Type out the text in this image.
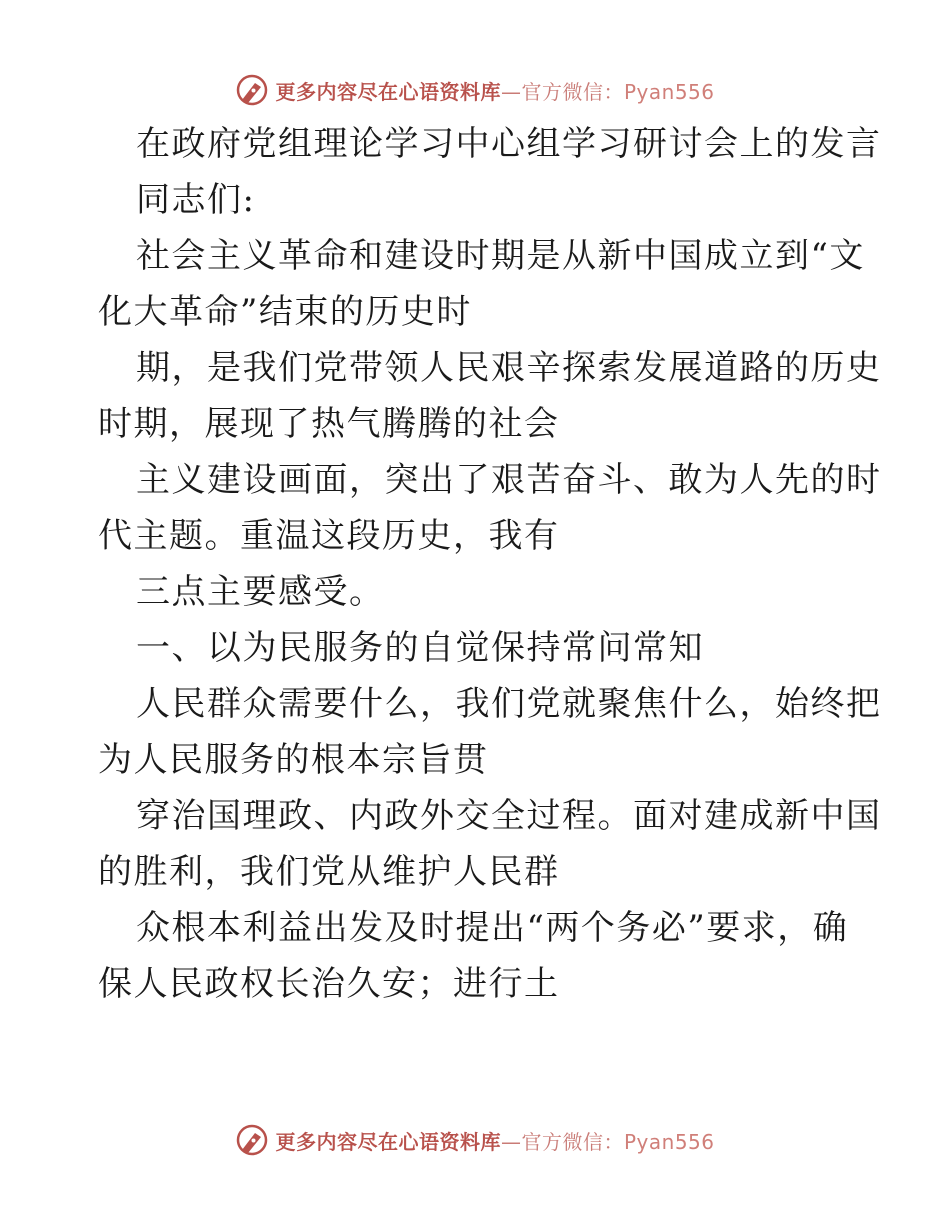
更多内容尽在心语资料库—官方微信：Pyan556
在政府党组理论学习中心组学习研讨会上的发言
同志们:
社会主义革命和建设时期是从新中国成立到“文
化大革命”结束的历史时
期，是我们党带领人民艰辛探索发展道路的历史
时期，展现了热气腾腾的社会
主义建设画面，突出了艰苦奋斗、敢为人先的时
代主题。重温这段历史，我有
三点主要感受。
一、以为民服务的自觉保持常问常知
人民群众需要什么，我们党就聚焦什么，始终把
为人民服务的根本宗旨贯
穿治国理政、内政外交全过程。面对建成新中国
的胜利，我们党从维护人民群
众根本利益出发及时提出“两个务必”要求，确
保人民政权长治久安；进行土
更多内容尽在心语资料库—官方微信：Pyan556
